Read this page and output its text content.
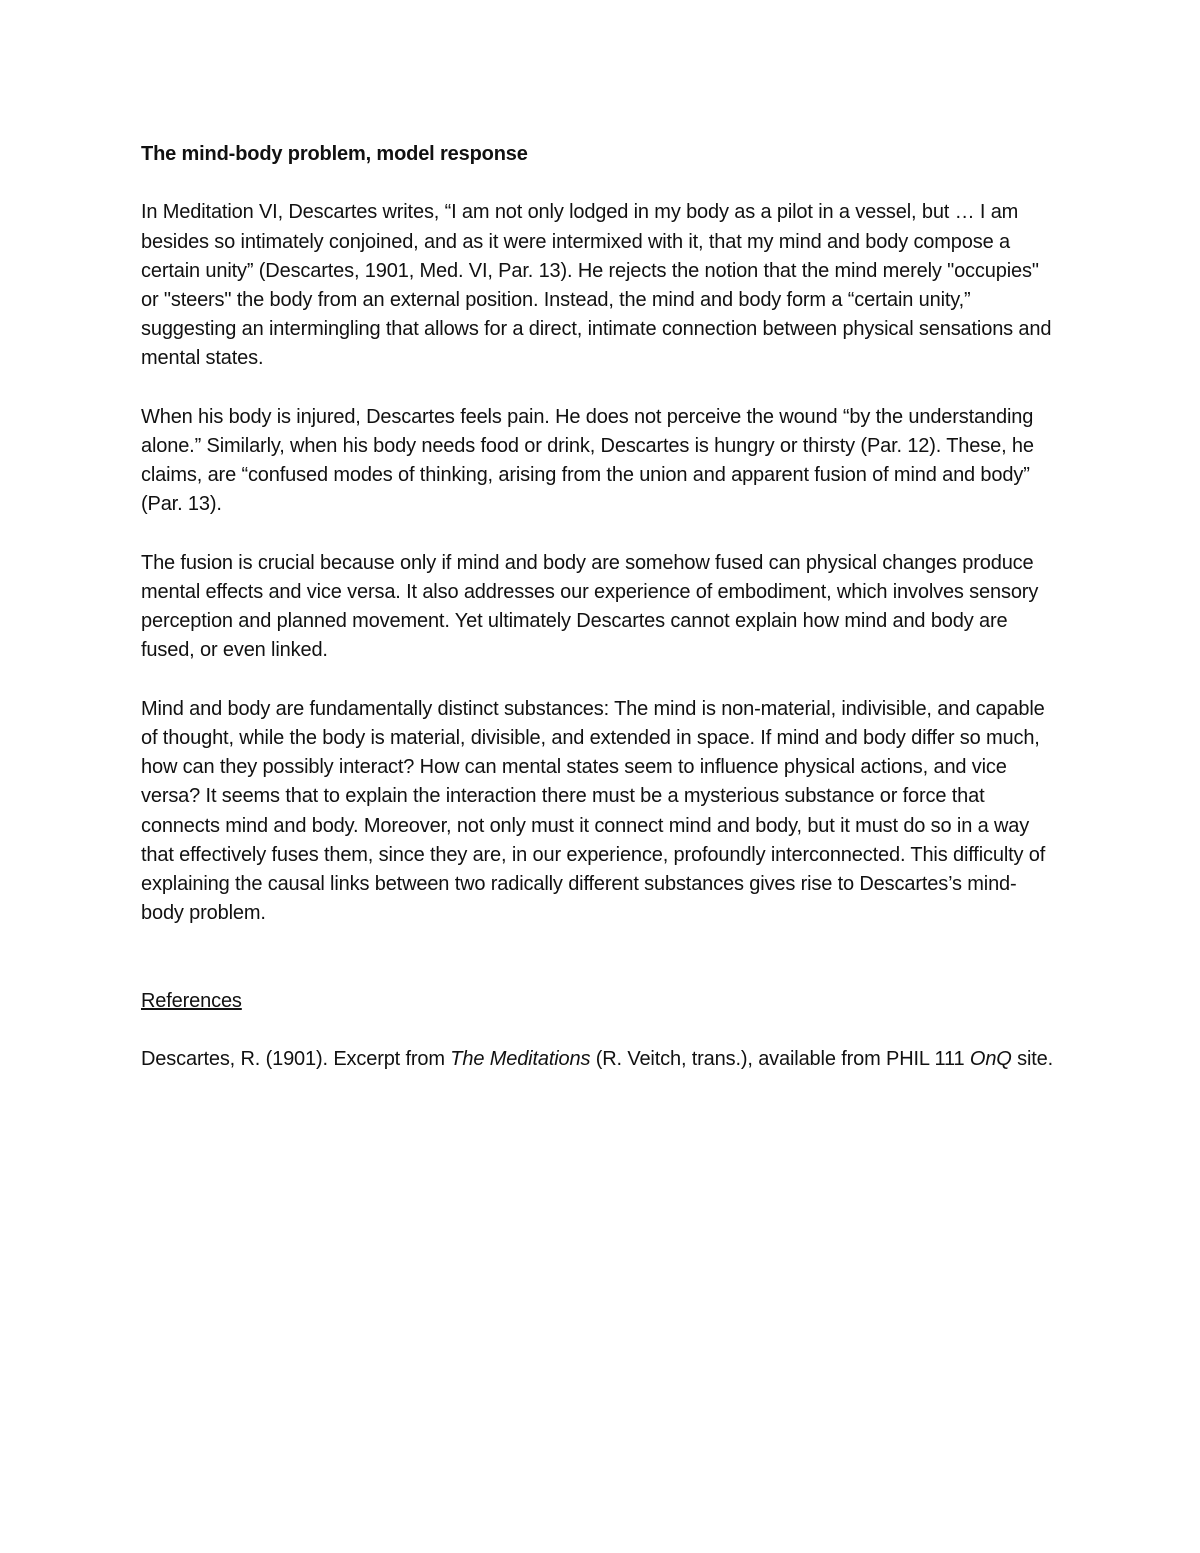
The mind-body problem, model response

In Meditation VI, Descartes writes, “I am not only lodged in my body as a pilot in a vessel, but … I am besides so intimately conjoined, and as it were intermixed with it, that my mind and body compose a certain unity” (Descartes, 1901, Med. VI, Par. 13). He rejects the notion that the mind merely "occupies" or "steers" the body from an external position. Instead, the mind and body form a “certain unity,” suggesting an intermingling that allows for a direct, intimate connection between physical sensations and mental states.

When his body is injured, Descartes feels pain. He does not perceive the wound “by the understanding alone.” Similarly, when his body needs food or drink, Descartes is hungry or thirsty (Par. 12). These, he claims, are “confused modes of thinking, arising from the union and apparent fusion of mind and body” (Par. 13).

The fusion is crucial because only if mind and body are somehow fused can physical changes produce mental effects and vice versa. It also addresses our experience of embodiment, which involves sensory perception and planned movement. Yet ultimately Descartes cannot explain how mind and body are fused, or even linked.

Mind and body are fundamentally distinct substances: The mind is non-material, indivisible, and capable of thought, while the body is material, divisible, and extended in space. If mind and body differ so much, how can they possibly interact? How can mental states seem to influence physical actions, and vice versa? It seems that to explain the interaction there must be a mysterious substance or force that connects mind and body. Moreover, not only must it connect mind and body, but it must do so in a way that effectively fuses them, since they are, in our experience, profoundly interconnected. This difficulty of explaining the causal links between two radically different substances gives rise to Descartes’s mind-body problem.

References

Descartes, R. (1901). Excerpt from The Meditations (R. Veitch, trans.), available from PHIL 111 OnQ site.
